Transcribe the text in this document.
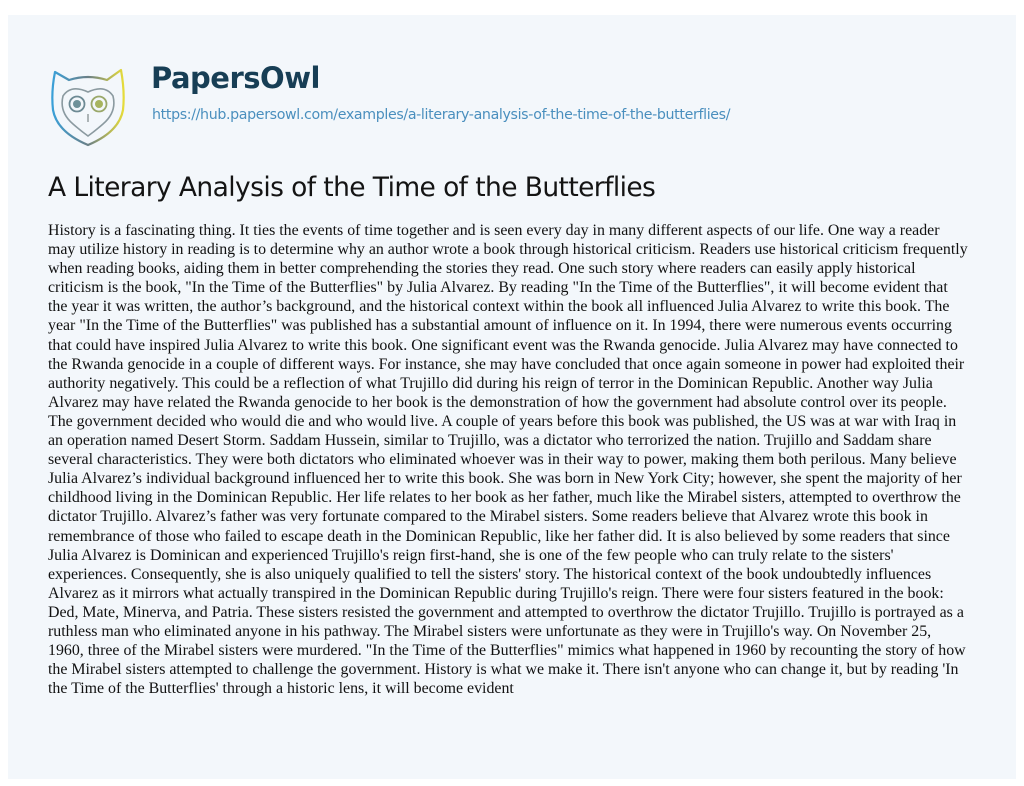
PapersOwl
https://hub.papersowl.com/examples/a-literary-analysis-of-the-time-of-the-butterflies/
A Literary Analysis of the Time of the Butterflies
History is a fascinating thing. It ties the events of time together and is seen every day in many different aspects of our life. One way a reader
may utilize history in reading is to determine why an author wrote a book through historical criticism. Readers use historical criticism frequently
when reading books, aiding them in better comprehending the stories they read. One such story where readers can easily apply historical
criticism is the book, "In the Time of the Butterflies" by Julia Alvarez. By reading "In the Time of the Butterflies", it will become evident that
the year it was written, the author’s background, and the historical context within the book all influenced Julia Alvarez to write this book. The
year "In the Time of the Butterflies" was published has a substantial amount of influence on it. In 1994, there were numerous events occurring
that could have inspired Julia Alvarez to write this book. One significant event was the Rwanda genocide. Julia Alvarez may have connected to
the Rwanda genocide in a couple of different ways. For instance, she may have concluded that once again someone in power had exploited their
authority negatively. This could be a reflection of what Trujillo did during his reign of terror in the Dominican Republic. Another way Julia
Alvarez may have related the Rwanda genocide to her book is the demonstration of how the government had absolute control over its people.
The government decided who would die and who would live. A couple of years before this book was published, the US was at war with Iraq in
an operation named Desert Storm. Saddam Hussein, similar to Trujillo, was a dictator who terrorized the nation. Trujillo and Saddam share
several characteristics. They were both dictators who eliminated whoever was in their way to power, making them both perilous. Many believe
Julia Alvarez’s individual background influenced her to write this book. She was born in New York City; however, she spent the majority of her
childhood living in the Dominican Republic. Her life relates to her book as her father, much like the Mirabel sisters, attempted to overthrow the
dictator Trujillo. Alvarez’s father was very fortunate compared to the Mirabel sisters. Some readers believe that Alvarez wrote this book in
remembrance of those who failed to escape death in the Dominican Republic, like her father did. It is also believed by some readers that since
Julia Alvarez is Dominican and experienced Trujillo's reign first-hand, she is one of the few people who can truly relate to the sisters'
experiences. Consequently, she is also uniquely qualified to tell the sisters' story. The historical context of the book undoubtedly influences
Alvarez as it mirrors what actually transpired in the Dominican Republic during Trujillo's reign. There were four sisters featured in the book:
Ded, Mate, Minerva, and Patria. These sisters resisted the government and attempted to overthrow the dictator Trujillo. Trujillo is portrayed as a
ruthless man who eliminated anyone in his pathway. The Mirabel sisters were unfortunate as they were in Trujillo's way. On November 25,
1960, three of the Mirabel sisters were murdered. "In the Time of the Butterflies" mimics what happened in 1960 by recounting the story of how
the Mirabel sisters attempted to challenge the government. History is what we make it. There isn't anyone who can change it, but by reading 'In
the Time of the Butterflies' through a historic lens, it will become evident
